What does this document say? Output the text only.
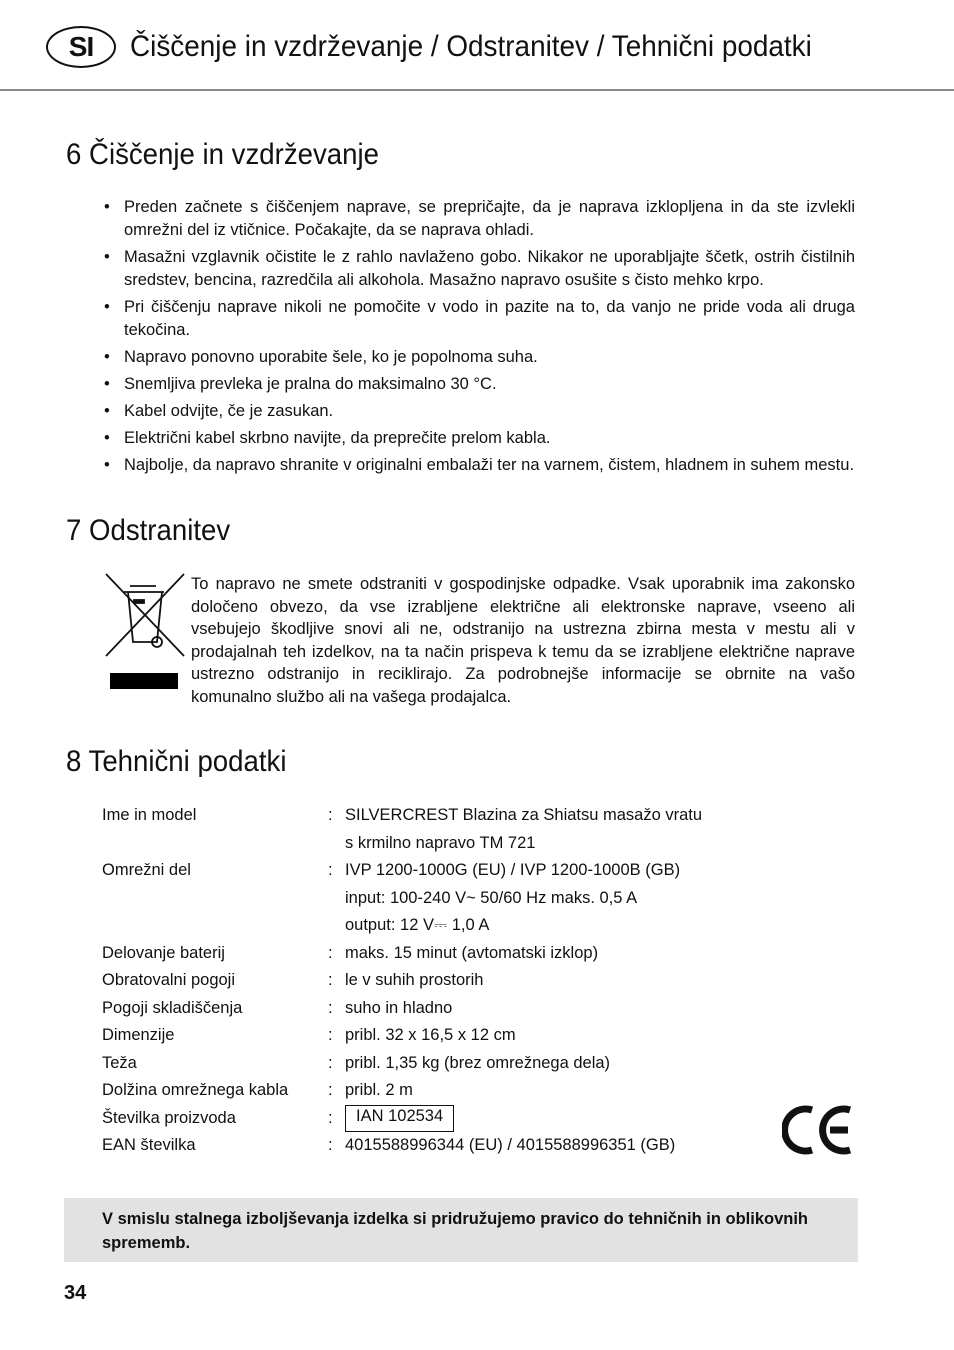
SI	Čiščenje in vzdrževanje / Odstranitev / Tehnični podatki
6 Čiščenje in vzdrževanje
• Preden začnete s čiščenjem naprave, se prepričajte, da je naprava izklopljena in da ste izvlekli omrežni del iz vtičnice. Počakajte, da se naprava ohladi.
• Masažni vzglavnik očistite le z rahlo navlaženo gobo. Nikakor ne uporabljajte ščetk, ostrih čistilnih sredstev, bencina, razredčila ali alkohola. Masažno napravo osušite s čisto mehko krpo.
• Pri čiščenju naprave nikoli ne pomočite v vodo in pazite na to, da vanjo ne pride voda ali druga tekočina.
• Napravo ponovno uporabite šele, ko je popolnoma suha.
• Snemljiva prevleka je pralna do maksimalno 30 °C.
• Kabel odvijte, če je zasukan.
• Električni kabel skrbno navijte, da preprečite prelom kabla.
• Najbolje, da napravo shranite v originalni embalaži ter na varnem, čistem, hladnem in suhem mestu.
7 Odstranitev
To napravo ne smete odstraniti v gospodinjske odpadke. Vsak uporabnik ima zakonsko določeno obvezo, da vse izrabljene električne ali elektronske naprave, vseeno ali vsebujejo škodljive snovi ali ne, odstranijo na ustrezna zbirna mesta v mestu ali v prodajalnah teh izdelkov, na ta način prispeva k temu da se izrabljene električne naprave ustrezno odstranijo in reciklirajo. Za podrobnejše informacije se obrnite na vašo komunalno službo ali na vašega prodajalca.
8 Tehnični podatki
Ime in model	: SILVERCREST Blazina za Shiatsu masažo vratu
s krmilno napravo TM 721
Omrežni del	: IVP 1200-1000G (EU) / IVP 1200-1000B (GB)
input: 100-240 V~ 50/60 Hz maks. 0,5 A
output: 12 V⎓ 1,0 A
Delovanje baterij	: maks. 15 minut (avtomatski izklop)
Obratovalni pogoji	: le v suhih prostorih
Pogoji skladiščenja	: suho in hladno
Dimenzije	: pribl. 32 x 16,5 x 12 cm
Teža	: pribl. 1,35 kg (brez omrežnega dela)
Dolžina omrežnega kabla	: pribl. 2 m
Številka proizvoda	:	IAN 102534
EAN številka	: 4015588996344 (EU) / 4015588996351 (GB)
V smislu stalnega izboljševanja izdelka si pridružujemo pravico do tehničnih in oblikovnih sprememb.
34
